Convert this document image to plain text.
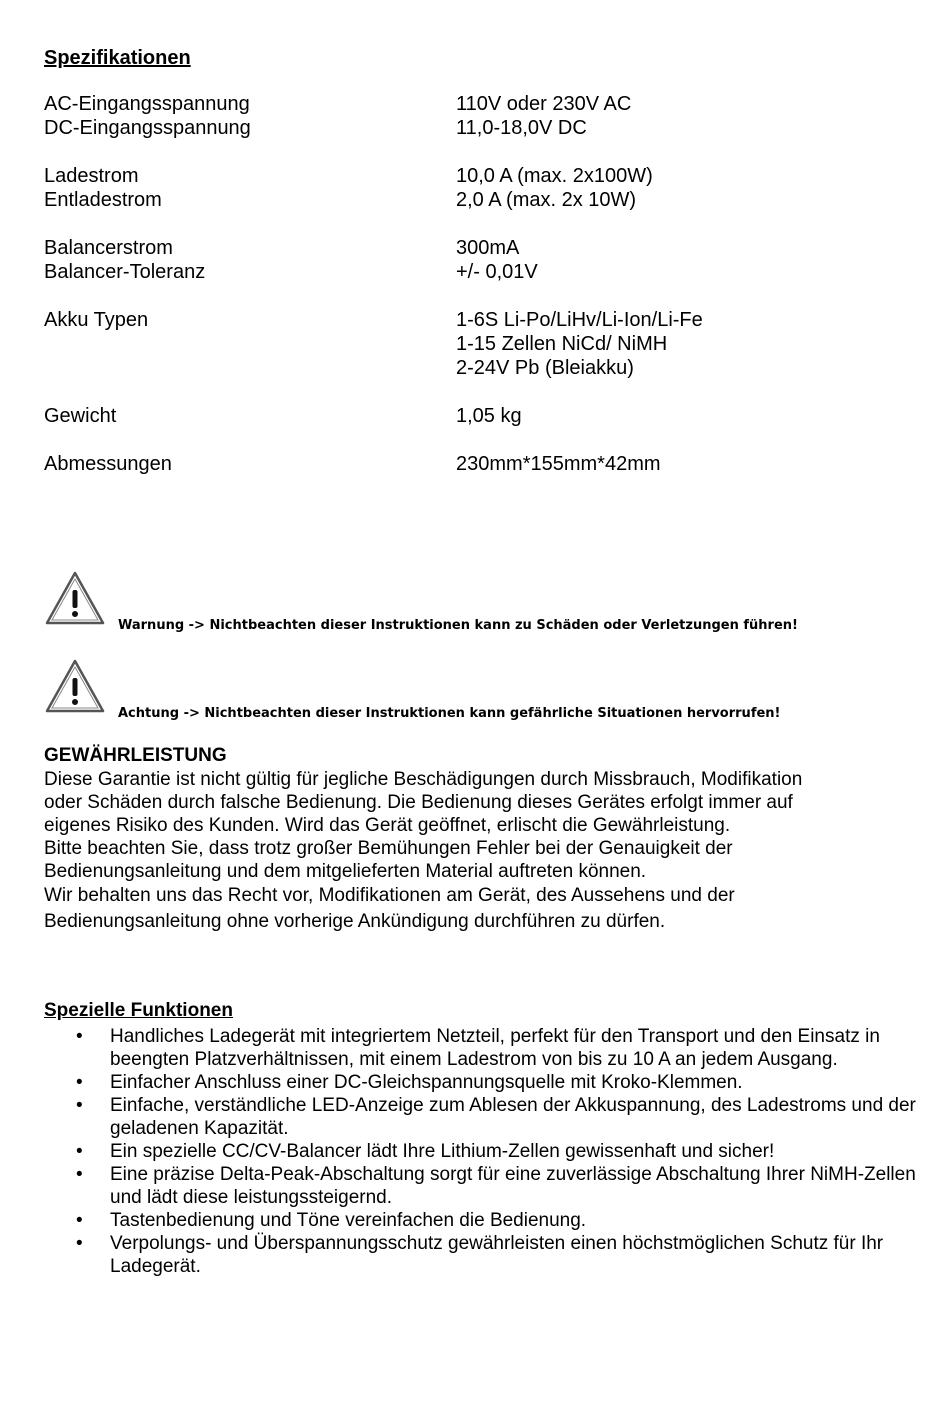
Spezifikationen
AC-Eingangsspannung	110V oder 230V AC
DC-Eingangsspannung	11,0-18,0V DC
Ladestrom	10,0 A (max. 2x100W)
Entladestrom	2,0 A (max. 2x 10W)
Balancerstrom	300mA
Balancer-Toleranz	+/- 0,01V
Akku Typen	1-6S Li-Po/LiHv/Li-Ion/Li-Fe
1-15 Zellen NiCd/ NiMH
2-24V Pb (Bleiakku)
Gewicht	1,05 kg
Abmessungen	230mm*155mm*42mm
Warnung -> Nichtbeachten dieser Instruktionen kann zu Schäden oder Verletzungen führen!
Achtung -> Nichtbeachten dieser Instruktionen kann gefährliche Situationen hervorrufen!
GEWÄHRLEISTUNG
Diese Garantie ist nicht gültig für jegliche Beschädigungen durch Missbrauch, Modifikation
oder Schäden durch falsche Bedienung. Die Bedienung dieses Gerätes erfolgt immer auf
eigenes Risiko des Kunden. Wird das Gerät geöffnet, erlischt die Gewährleistung.
Bitte beachten Sie, dass trotz großer Bemühungen Fehler bei der Genauigkeit der
Bedienungsanleitung und dem mitgelieferten Material auftreten können.
Wir behalten uns das Recht vor, Modifikationen am Gerät, des Aussehens und der
Bedienungsanleitung ohne vorherige Ankündigung durchführen zu dürfen.
Spezielle Funktionen
• Handliches Ladegerät mit integriertem Netzteil, perfekt für den Transport und den Einsatz in beengten Platzverhältnissen, mit einem Ladestrom von bis zu 10 A an jedem Ausgang.
• Einfacher Anschluss einer DC-Gleichspannungsquelle mit Kroko-Klemmen.
• Einfache, verständliche LED-Anzeige zum Ablesen der Akkuspannung, des Ladestroms und der geladenen Kapazität.
• Ein spezielle CC/CV-Balancer lädt Ihre Lithium-Zellen gewissenhaft und sicher!
• Eine präzise Delta-Peak-Abschaltung sorgt für eine zuverlässige Abschaltung Ihrer NiMH-Zellen und lädt diese leistungssteigernd.
• Tastenbedienung und Töne vereinfachen die Bedienung.
• Verpolungs- und Überspannungsschutz gewährleisten einen höchstmöglichen Schutz für Ihr Ladegerät.
